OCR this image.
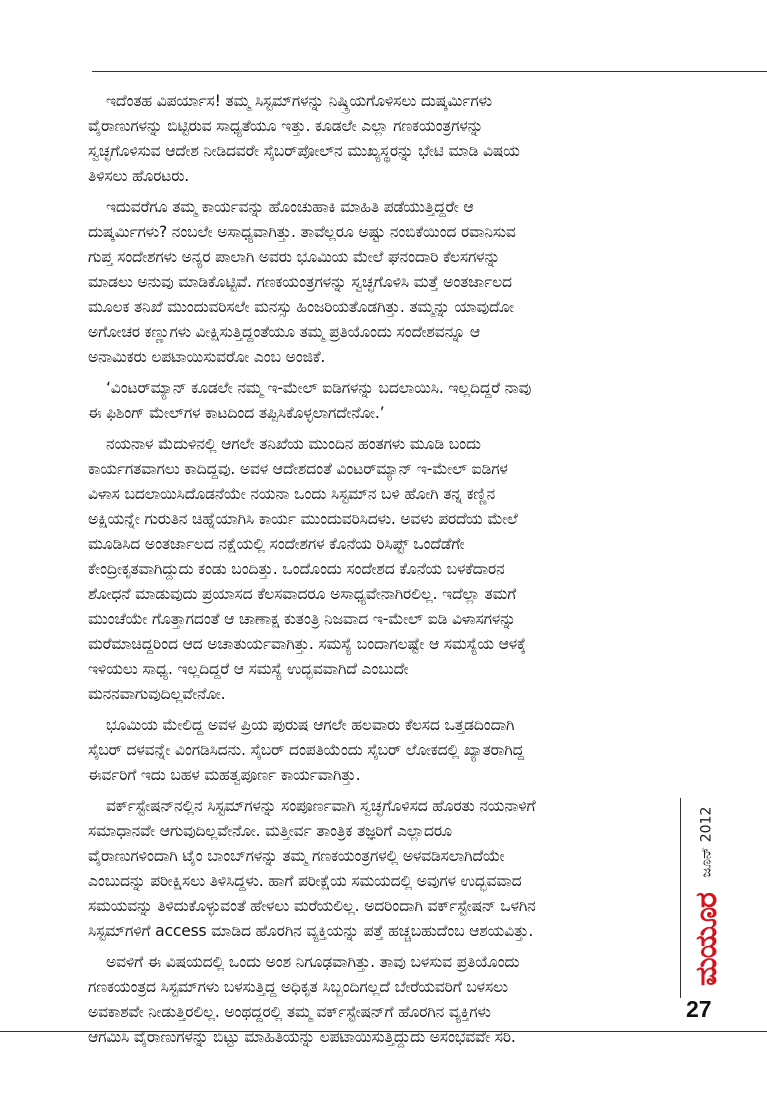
ಇದೆಂತಹ ವಿಪರ್ಯಾಸ! ತಮ್ಮ ಸಿಸ್ಟಮ್‌ಗಳನ್ನು ನಿಷ್ಕ್ರಿಯಗೊಳಿಸಲು ದುಷ್ಕರ್ಮಿಗಳು
ವೈರಾಣುಗಳನ್ನು ಬಿಟ್ಟಿರುವ ಸಾಧ್ಯತೆಯೂ ಇತ್ತು. ಕೂಡಲೇ ಎಲ್ಲಾ ಗಣಕಯಂತ್ರಗಳನ್ನು
ಸ್ವಚ್ಛಗೊಳಿಸುವ ಆದೇಶ ನೀಡಿದವರೇ ಸೈಬರ್‌ಪೋಲ್‌ನ ಮುಖ್ಯಸ್ಥರನ್ನು ಭೇಟಿ ಮಾಡಿ ವಿಷಯ
ತಿಳಿಸಲು ಹೊರಟರು.
ಇದುವರೆಗೂ ತಮ್ಮ ಕಾರ್ಯವನ್ನು ಹೊಂಚುಹಾಕಿ ಮಾಹಿತಿ ಪಡೆಯುತ್ತಿದ್ದರೇ ಆ
ದುಷ್ಕರ್ಮಿಗಳು? ನಂಬಲೇ ಅಸಾಧ್ಯವಾಗಿತ್ತು. ತಾವೆಲ್ಲರೂ ಅಷ್ಟು ನಂಬಿಕೆಯಿಂದ ರವಾನಿಸುವ
ಗುಪ್ತ ಸಂದೇಶಗಳು ಅನ್ಯರ ಪಾಲಾಗಿ ಅವರು ಭೂಮಿಯ ಮೇಲೆ ಘನಂದಾರಿ ಕೆಲಸಗಳನ್ನು
ಮಾಡಲು ಅನುವು ಮಾಡಿಕೊಟ್ಟಿವೆ. ಗಣಕಯಂತ್ರಗಳನ್ನು ಸ್ವಚ್ಛಗೊಳಿಸಿ ಮತ್ತೆ ಅಂತರ್ಜಾಲದ
ಮೂಲಕ ತನಿಖೆ ಮುಂದುವರಿಸಲೇ ಮನಸ್ಸು ಹಿಂಜರಿಯತೊಡಗಿತ್ತು. ತಮ್ಮನ್ನು ಯಾವುದೋ
ಅಗೋಚರ ಕಣ್ಣುಗಳು ವೀಕ್ಷಿಸುತ್ತಿದ್ದಂತೆಯೂ ತಮ್ಮ ಪ್ರತಿಯೊಂದು ಸಂದೇಶವನ್ನೂ ಆ
ಅನಾಮಿಕರು ಲಪಟಾಯಿಸುವರೋ ಎಂಬ ಅಂಜಿಕೆ.
‘ವಿಂಟರ್‌ಮ್ಯಾನ್ ಕೂಡಲೇ ನಮ್ಮ ಇ-ಮೇಲ್ ಐಡಿಗಳನ್ನು ಬದಲಾಯಿಸಿ. ಇಲ್ಲದಿದ್ದರೆ ನಾವು
ಈ ಫಿಶಿಂಗ್ ಮೇಲ್‌ಗಳ ಕಾಟದಿಂದ ತಪ್ಪಿಸಿಕೊಳ್ಳಲಾಗದೇನೋ.’
ನಯನಾಳ ಮೆದುಳಿನಲ್ಲಿ ಆಗಲೇ ತನಿಖೆಯ ಮುಂದಿನ ಹಂತಗಳು ಮೂಡಿ ಬಂದು
ಕಾರ್ಯಗತವಾಗಲು ಕಾದಿದ್ದವು. ಅವಳ ಆದೇಶದಂತೆ ವಿಂಟರ್‌ಮ್ಯಾನ್ ಇ-ಮೇಲ್ ಐಡಿಗಳ
ವಿಳಾಸ ಬದಲಾಯಿಸಿದೊಡನೆಯೇ ನಯನಾ ಒಂದು ಸಿಸ್ಟಮ್‌ನ ಬಳಿ ಹೋಗಿ ತನ್ನ ಕಣ್ಣಿನ
ಅಕ್ಷಿಯನ್ನೇ ಗುರುತಿನ ಚಿಹ್ನೆಯಾಗಿಸಿ ಕಾರ್ಯ ಮುಂದುವರಿಸಿದಳು. ಅವಳು ಪರದೆಯ ಮೇಲೆ
ಮೂಡಿಸಿದ ಅಂತರ್ಜಾಲದ ನಕ್ಷೆಯಲ್ಲಿ ಸಂದೇಶಗಳ ಕೊನೆಯ ರಿಸಿಪ್ಟ್ ಒಂದೆಡೆಗೇ
ಕೇಂದ್ರೀಕೃತವಾಗಿದ್ದುದು ಕಂಡು ಬಂದಿತ್ತು. ಒಂದೊಂದು ಸಂದೇಶದ ಕೊನೆಯ ಬಳಕೆದಾರನ
ಶೋಧನೆ ಮಾಡುವುದು ಪ್ರಯಾಸದ ಕೆಲಸವಾದರೂ ಅಸಾಧ್ಯವೇನಾಗಿರಲಿಲ್ಲ. ಇದೆಲ್ಲಾ ತಮಗೆ
ಮುಂಚೆಯೇ ಗೊತ್ತಾಗದಂತೆ ಆ ಚಾಣಾಕ್ಷ ಕುತಂತ್ರಿ ನಿಜವಾದ ಇ-ಮೇಲ್ ಐಡಿ ವಿಳಾಸಗಳನ್ನು
ಮರೆಮಾಚಿದ್ದರಿಂದ ಆದ ಅಚಾತುರ್ಯವಾಗಿತ್ತು. ಸಮಸ್ಯೆ ಬಂದಾಗಲಷ್ಟೇ ಆ ಸಮಸ್ಯೆಯ ಆಳಕ್ಕೆ
ಇಳಿಯಲು ಸಾಧ್ಯ. ಇಲ್ಲದಿದ್ದರೆ ಆ ಸಮಸ್ಯೆ ಉದ್ಭವವಾಗಿದೆ ಎಂಬುದೇ
ಮನನವಾಗುವುದಿಲ್ಲವೇನೋ.
ಭೂಮಿಯ ಮೇಲಿದ್ದ ಅವಳ ಪ್ರಿಯ ಪುರುಷ ಆಗಲೇ ಹಲವಾರು ಕೆಲಸದ ಒತ್ತಡದಿಂದಾಗಿ
ಸೈಬರ್ ದಳವನ್ನೇ ವಿಂಗಡಿಸಿದನು. ಸೈಬರ್ ದಂಪತಿಯೆಂದು ಸೈಬರ್ ಲೋಕದಲ್ಲಿ ಖ್ಯಾತರಾಗಿದ್ದ
ಈರ್ವರಿಗೆ ಇದು ಬಹಳ ಮಹತ್ವಪೂರ್ಣ ಕಾರ್ಯವಾಗಿತ್ತು.
ವರ್ಕ್‌ಸ್ಟೇಷನ್‌ನಲ್ಲಿನ ಸಿಸ್ಟಮ್‌ಗಳನ್ನು ಸಂಪೂರ್ಣವಾಗಿ ಸ್ವಚ್ಛಗೊಳಿಸದ ಹೊರತು ನಯನಾಳಿಗೆ
ಸಮಾಧಾನವೇ ಆಗುವುದಿಲ್ಲವೇನೋ. ಮತ್ತೀರ್ವ ತಾಂತ್ರಿಕ ತಜ್ಞರಿಗೆ ಎಲ್ಲಾದರೂ
ವೈರಾಣುಗಳಿಂದಾಗಿ ಟೈಂ ಬಾಂಬ್‌ಗಳನ್ನು ತಮ್ಮ ಗಣಕಯಂತ್ರಗಳಲ್ಲಿ ಅಳವಡಿಸಲಾಗಿದೆಯೇ
ಎಂಬುದನ್ನು ಪರೀಕ್ಷಿಸಲು ತಿಳಿಸಿದ್ದಳು. ಹಾಗೆ ಪರೀಕ್ಷೆಯ ಸಮಯದಲ್ಲಿ ಅವುಗಳ ಉದ್ಭವವಾದ
ಸಮಯವನ್ನು ತಿಳಿದುಕೊಳ್ಳುವಂತೆ ಹೇಳಲು ಮರೆಯಲಿಲ್ಲ. ಅದರಿಂದಾಗಿ ವರ್ಕ್‌ಸ್ಟೇಷನ್ ಒಳಗಿನ
ಸಿಸ್ಟಮ್‌ಗಳಿಗೆ access ಮಾಡಿದ ಹೊರಗಿನ ವ್ಯಕ್ತಿಯನ್ನು ಪತ್ತೆ ಹಚ್ಚಬಹುದೆಂಬ ಆಶಯವಿತ್ತು.
ಅವಳಿಗೆ ಈ ವಿಷಯದಲ್ಲಿ ಒಂದು ಅಂಶ ನಿಗೂಢವಾಗಿತ್ತು. ತಾವು ಬಳಸುವ ಪ್ರತಿಯೊಂದು
ಗಣಕಯಂತ್ರದ ಸಿಸ್ಟಮ್‌ಗಳು ಬಳಸುತ್ತಿದ್ದ ಅಧಿಕೃತ ಸಿಬ್ಬಂದಿಗಲ್ಲದೆ ಬೇರೆಯವರಿಗೆ ಬಳಸಲು
ಅವಕಾಶವೇ ನೀಡುತ್ತಿರಲಿಲ್ಲ. ಅಂಥದ್ದರಲ್ಲಿ ತಮ್ಮ ವರ್ಕ್‌ಸ್ಟೇಷನ್‌ಗೆ ಹೊರಗಿನ ವ್ಯಕ್ತಿಗಳು
ಆಗಮಿಸಿ ವೈರಾಣುಗಳನ್ನು ಬಿಟ್ಟು ಮಾಹಿತಿಯನ್ನು ಲಪಟಾಯಿಸುತ್ತಿದ್ದುದು ಅಸಂಭವವೇ ಸರಿ.
ಜೂನ್ 2012
ಮಯೂರ
27
